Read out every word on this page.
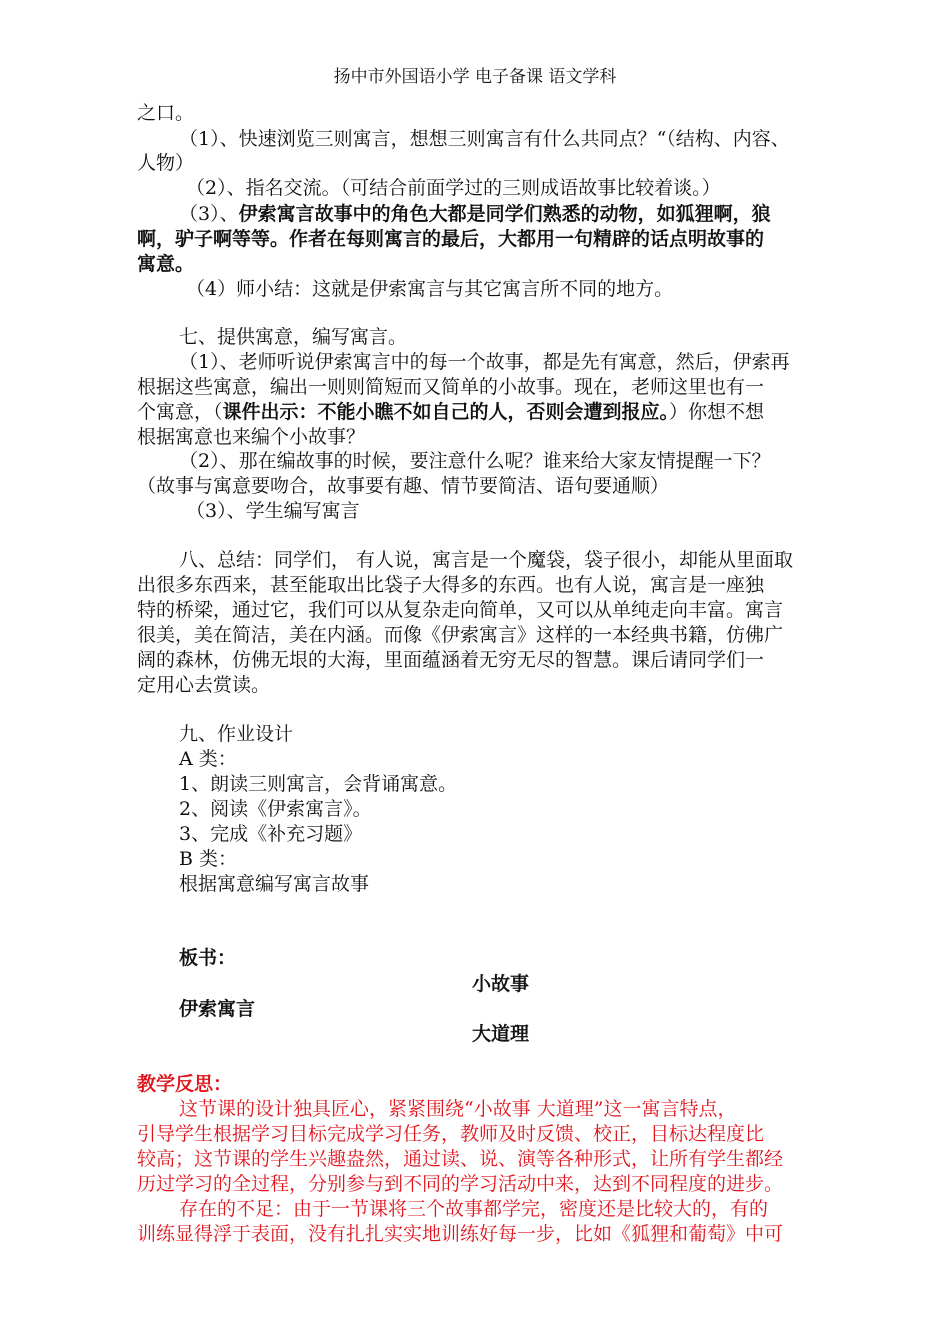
扬中市外国语小学 电子备课 语文学科
之口。
（1）、快速浏览三则寓言，想想三则寓言有什么共同点？“（结构、内容、
人物）
（2）、指名交流。（可结合前面学过的三则成语故事比较着谈。）
（3）、伊索寓言故事中的角色大都是同学们熟悉的动物，如狐狸啊，狼
啊，驴子啊等等。作者在每则寓言的最后，大都用一句精辟的话点明故事的
寓意。
（4）师小结：这就是伊索寓言与其它寓言所不同的地方。
七、提供寓意，编写寓言。
（1）、老师听说伊索寓言中的每一个故事，都是先有寓意，然后，伊索再
根据这些寓意，编出一则则简短而又简单的小故事。现在，老师这里也有一
个寓意，（课件出示：不能小瞧不如自己的人，否则会遭到报应。）你想不想
根据寓意也来编个小故事？
（2）、那在编故事的时候，要注意什么呢？谁来给大家友情提醒一下？
（故事与寓意要吻合，故事要有趣、情节要简洁、语句要通顺）
（3）、学生编写寓言
八、总结：同学们， 有人说，寓言是一个魔袋，袋子很小，却能从里面取
出很多东西来，甚至能取出比袋子大得多的东西。也有人说，寓言是一座独
特的桥梁，通过它，我们可以从复杂走向简单，又可以从单纯走向丰富。寓言
很美，美在简洁，美在内涵。而像《伊索寓言》这样的一本经典书籍，仿佛广
阔的森林，仿佛无垠的大海，里面蕴涵着无穷无尽的智慧。课后请同学们一
定用心去赏读。
九、作业设计
A 类：
1、朗读三则寓言，会背诵寓意。
2、阅读《伊索寓言》。
3、完成《补充习题》
B 类：
根据寓意编写寓言故事
板书：
小故事
伊索寓言
大道理
教学反思：
这节课的设计独具匠心，紧紧围绕“小故事 大道理”这一寓言特点，
引导学生根据学习目标完成学习任务，教师及时反馈、校正，目标达程度比
较高；这节课的学生兴趣盎然，通过读、说、演等各种形式，让所有学生都经
历过学习的全过程，分别参与到不同的学习活动中来，达到不同程度的进步。
存在的不足：由于一节课将三个故事都学完，密度还是比较大的，有的
训练显得浮于表面，没有扎扎实实地训练好每一步，比如《狐狸和葡萄》中可
